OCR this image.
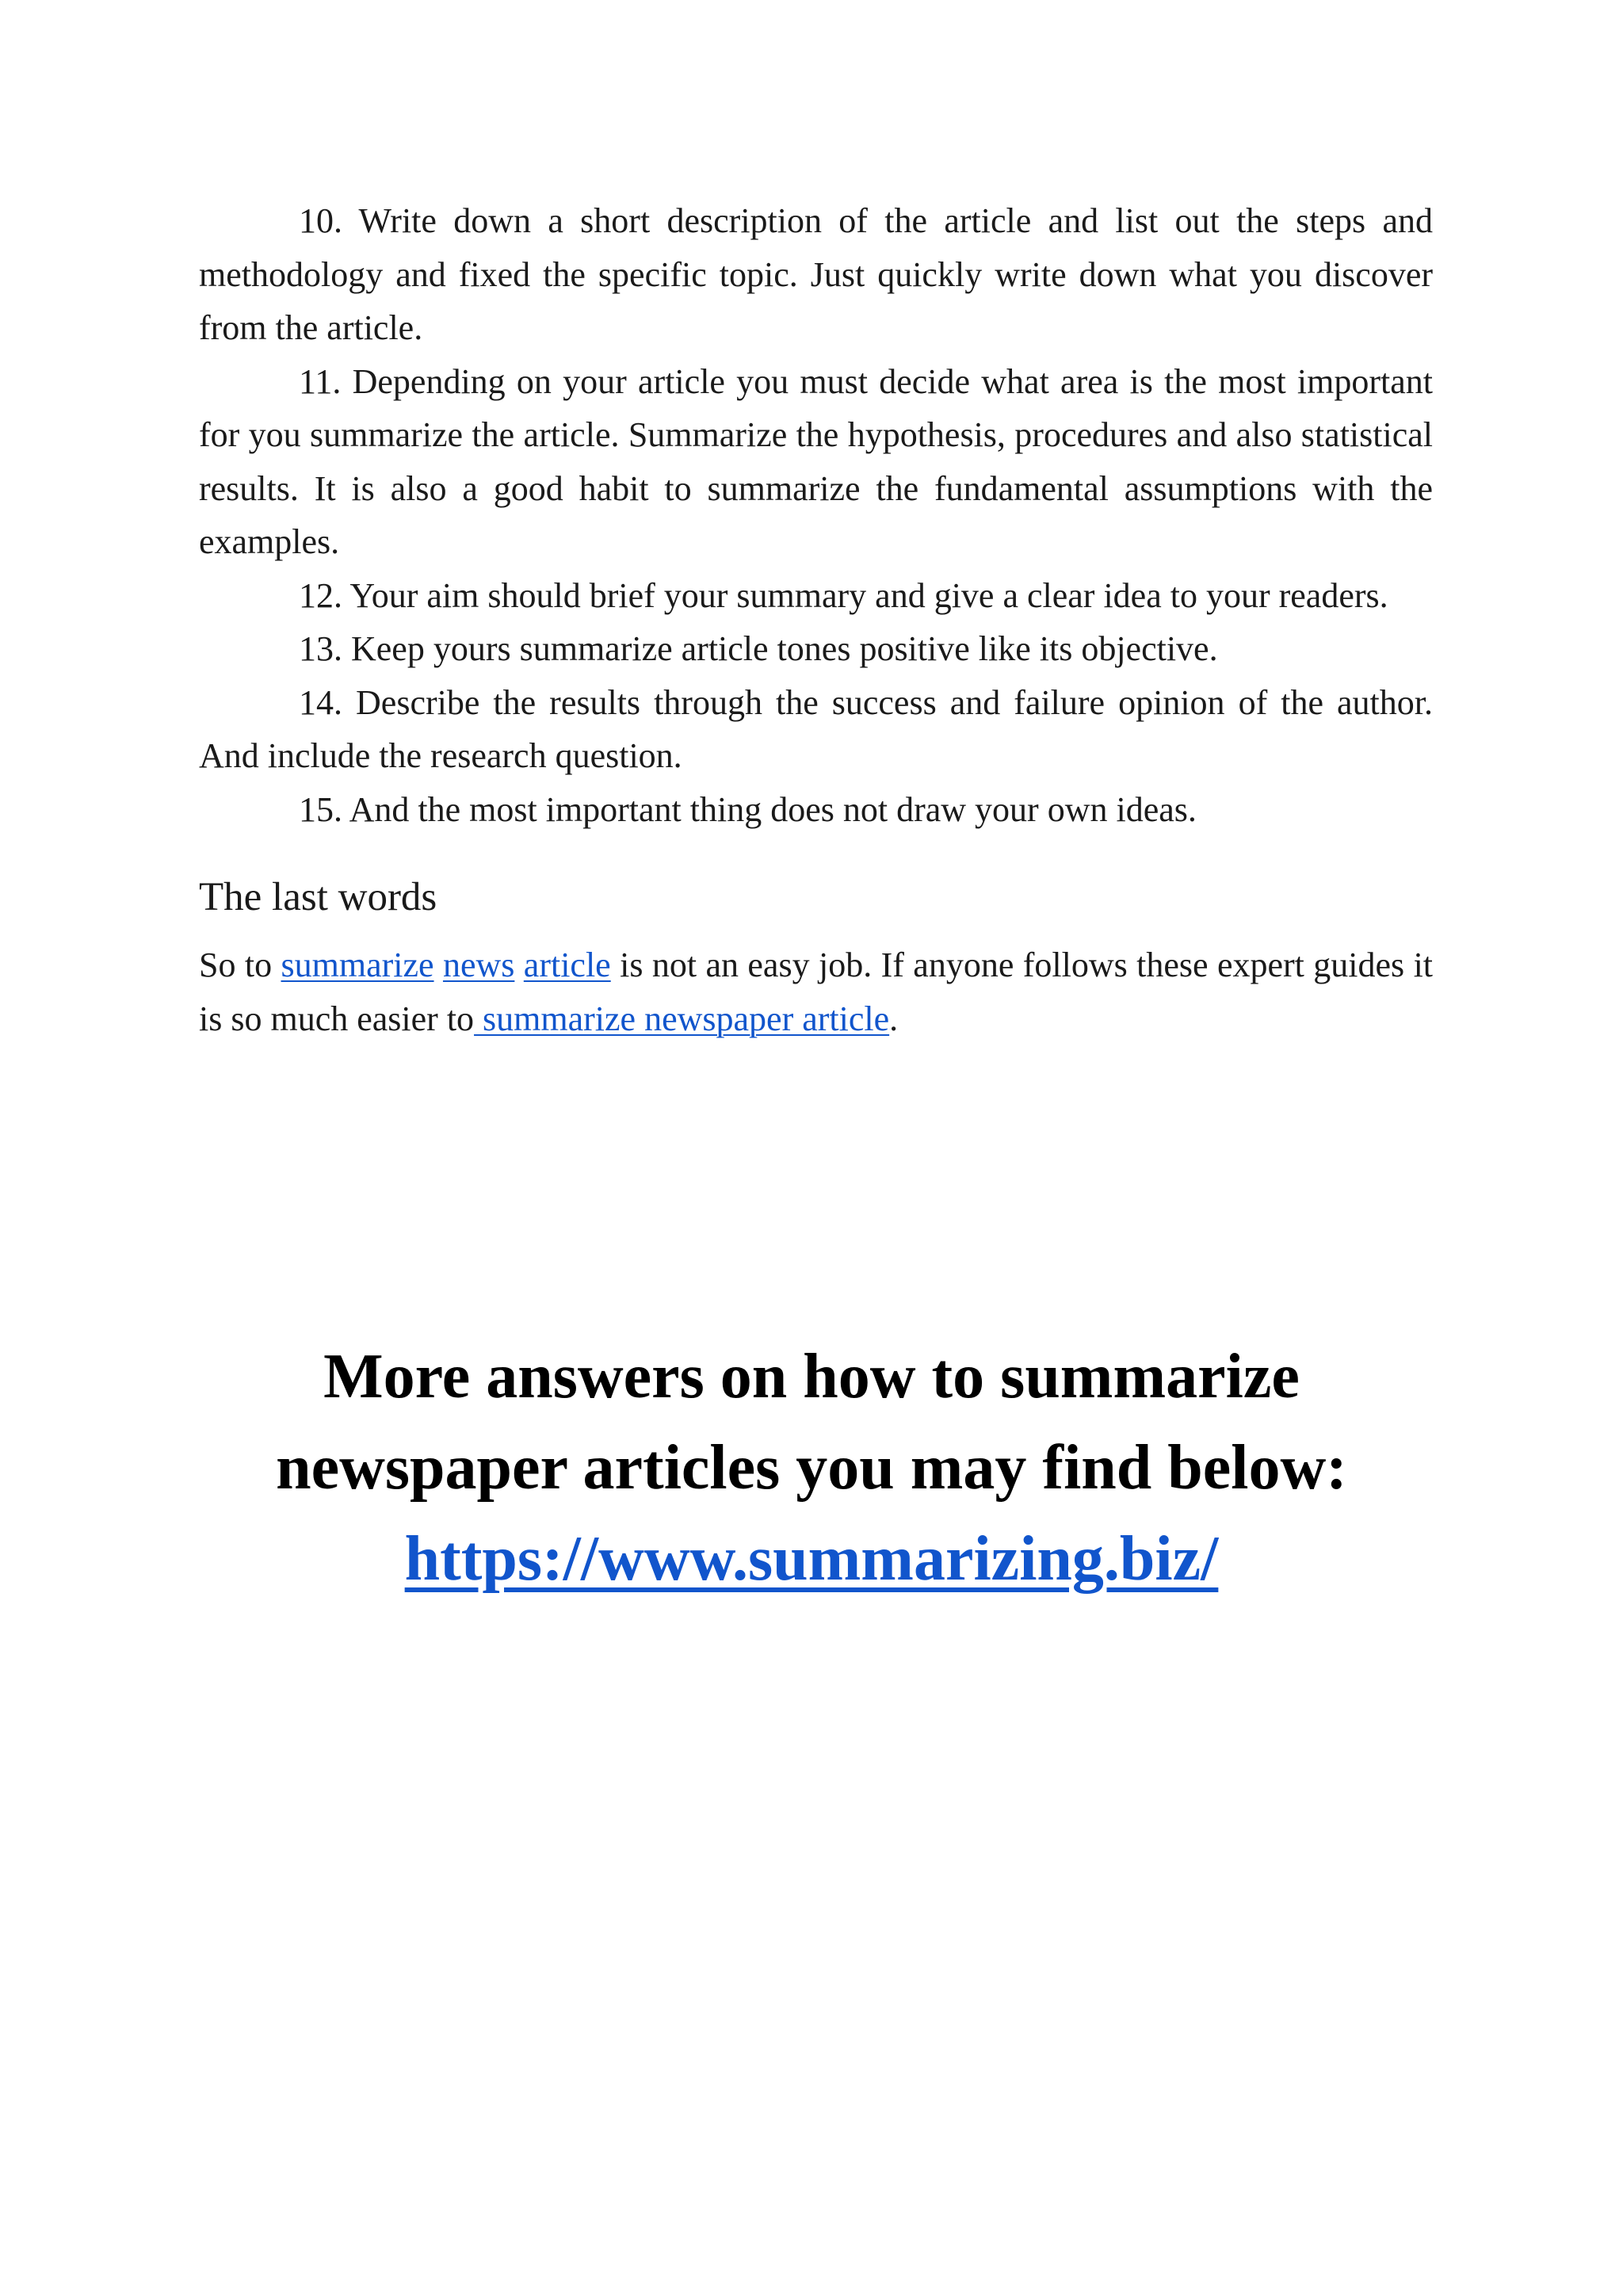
10. Write down a short description of the article and list out the steps and methodology and fixed the specific topic. Just quickly write down what you discover from the article.

11. Depending on your article you must decide what area is the most important for you summarize the article. Summarize the hypothesis, procedures and also statistical results. It is also a good habit to summarize the fundamental assumptions with the examples.

12. Your aim should brief your summary and give a clear idea to your readers.

13. Keep yours summarize article tones positive like its objective.

14. Describe the results through the success and failure opinion of the author. And include the research question.

15. And the most important thing does not draw your own ideas.

The last words

So to summarize news article is not an easy job. If anyone follows these expert guides it is so much easier to summarize newspaper article.

More answers on how to summarize
newspaper articles you may find below:
https://www.summarizing.biz/
